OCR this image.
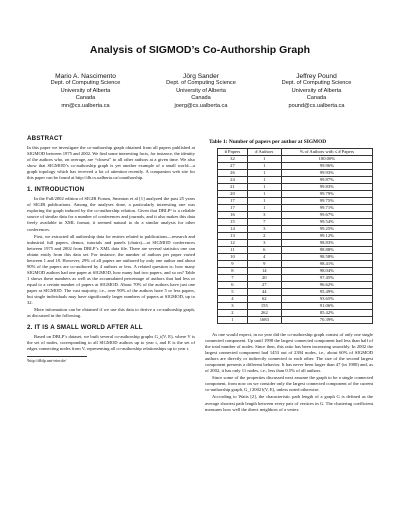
Analysis of SIGMOD’s Co-Authorship Graph
Mario A. Nascimento
Dept. of Computing Science
University of Alberta
Canada
mn@cs.ualberta.ca
Jörg Sander
Dept. of Computing Science
University of Alberta
Canada
joerg@cs.ualberta.ca
Jeffrey Pound
Dept. of Computing Science
University of Alberta
Canada
pound@cs.ualberta.ca
ABSTRACT

In this paper we investigate the co-authorship graph obtained from all papers published at SIGMOD between 1975 and 2002. We find some interesting facts, for instance, the identity of the authors who, on average, are “closest” to all other authors at a given time. We also show that SIGMOD’s co-authorship graph is yet another example of a small world—a graph topology which has received a lot of attention recently. A companion web site for this paper can be found at http://db.cs.ualberta.ca/coauthorship.

1. INTRODUCTION

In the Fall/2002 edition of SIGIR Forum, Smeaton et al [1] analyzed the past 25 years of SIGIR publications. Among the analyses done, a particularly interesting one was exploring the graph induced by the co-authorship relation. Given that DBLP¹ is a reliable source of similar data for a number of conferences and journals, and it also makes this data freely available in XML format, it seemed natural to do a similar analysis for other conferences.

First, we extracted all authorship data for entries related to publications—research and industrial full papers, demos, tutorials and panels (chairs)—at SIGMOD conferences between 1975 and 2002 from DBLP’s XML data file. There are several statistics one can obtain easily from this data set. For instance, the number of authors per paper varied between 1 and 18. However, 29% of all papers are authored by only one author and about 90% of the papers are co-authored by 4 authors or less. A related question is: how many SIGMOD authors had one paper at SIGMOD, how many had two papers, and so on? Table 1 shows these numbers as well as the accumulated percentage of authors that had less or equal to a certain number of papers at SIGMOD. About 70% of the authors have just one paper at SIGMOD. The vast majority, i.e., over 90% of the authors have 5 or less papers, but single individuals may have significantly larger numbers of papers at SIGMOD, up to 32.

More information can be obtained if we use this data to derive a co-authorship graph, as discussed in the following.

2. IT IS A SMALL WORLD AFTER ALL

Based on DBLP’s dataset, we built several co-authorship graphs G_t(V, E), where V is the set of nodes, corresponding to all SIGMOD authors up to year t, and E is the set of edges connecting nodes from V, representing all co-authorship relationships up to year t.

¹http://dblp.uni-trier.de/
Table 1: Number of papers per author at SIGMOD
# Papers	# Authors	% of Authors with ≤ # Papers
32	1	100.00%
27	1	99.96%
26	1	99.93%
24	1	99.87%
21	1	99.83%
20	1	99.79%
17	1	99.75%
17	1	99.71%
16	3	99.67%
15	7	99.54%
14	3	99.25%
13	2	99.12%
12	3	98.83%
11	6	98.88%
10	4	98.58%
9	9	98.41%
8	14	98.04%
7	20	97.45%
6	27	96.62%
5	44	95.49%
4	62	93.65%
3	155	91.06%
2	262	85.42%
1	1683	70.39%

As one would expect, in no year did the co-authorship graph consist of only one single connected component. Up until 1998 the largest connected component had less than half of the total number of nodes. Since then, this ratio has been increasing smoothly. In 2002 the largest connected component had 1453 out of 2394 nodes, i.e., about 60% of SIGMOD authors are directly or indirectly connected to each other. The size of the second largest component presents a different behavior. It has never been larger than 47 (in 1980) and, as of 2002, it has only 11 nodes, i.e., less than 0.5% of all authors.

Since some of the properties discussed next assume the graph to be a single connected component, from now on we consider only the largest connected component of the current co-authorship graph, G_{2002}(V, E), unless noted otherwise.

According to Watts [2], the characteristic path length of a graph G is defined as the average shortest path length between every pair of vertices in G. The clustering coefficient measures how well the direct neighbors of a vertex
